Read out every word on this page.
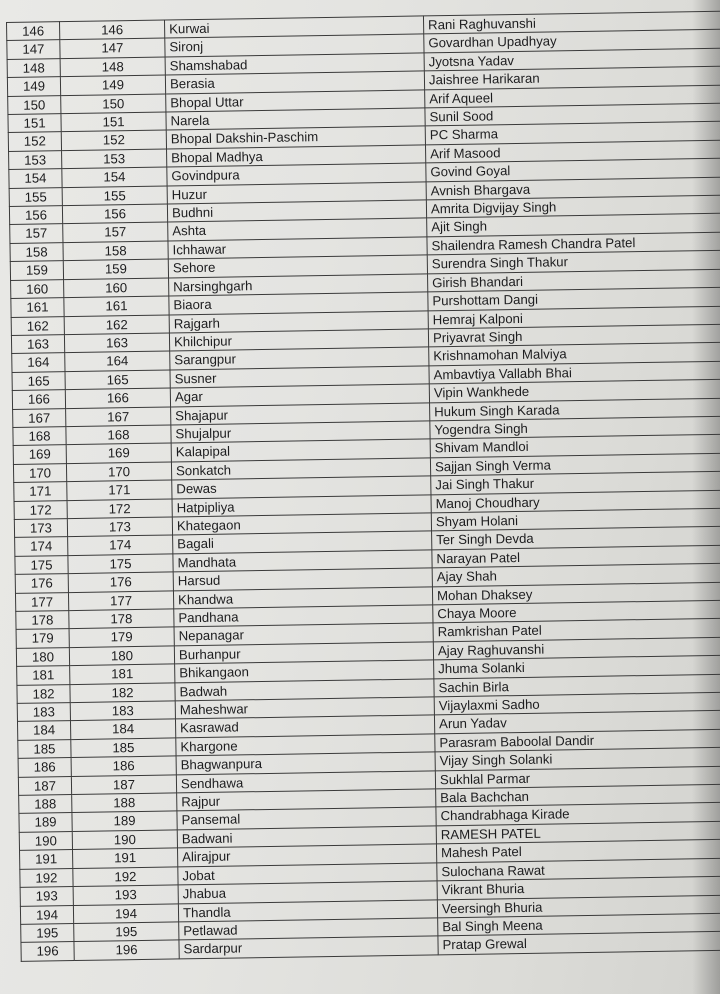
146	146	Kurwai	Rani Raghuvanshi
147	147	Sironj	Govardhan Upadhyay
148	148	Shamshabad	Jyotsna Yadav
149	149	Berasia	Jaishree Harikaran
150	150	Bhopal Uttar	Arif Aqueel
151	151	Narela	Sunil Sood
152	152	Bhopal Dakshin-Paschim	PC Sharma
153	153	Bhopal Madhya	Arif Masood
154	154	Govindpura	Govind Goyal
155	155	Huzur	Avnish Bhargava
156	156	Budhni	Amrita Digvijay Singh
157	157	Ashta	Ajit Singh
158	158	Ichhawar	Shailendra Ramesh Chandra Patel
159	159	Sehore	Surendra Singh Thakur
160	160	Narsinghgarh	Girish Bhandari
161	161	Biaora	Purshottam Dangi
162	162	Rajgarh	Hemraj Kalponi
163	163	Khilchipur	Priyavrat Singh
164	164	Sarangpur	Krishnamohan Malviya
165	165	Susner	Ambavtiya Vallabh Bhai
166	166	Agar	Vipin Wankhede
167	167	Shajapur	Hukum Singh Karada
168	168	Shujalpur	Yogendra Singh
169	169	Kalapipal	Shivam Mandloi
170	170	Sonkatch	Sajjan Singh Verma
171	171	Dewas	Jai Singh Thakur
172	172	Hatpipliya	Manoj Choudhary
173	173	Khategaon	Shyam Holani
174	174	Bagali	Ter Singh Devda
175	175	Mandhata	Narayan Patel
176	176	Harsud	Ajay Shah
177	177	Khandwa	Mohan Dhaksey
178	178	Pandhana	Chaya Moore
179	179	Nepanagar	Ramkrishan Patel
180	180	Burhanpur	Ajay Raghuvanshi
181	181	Bhikangaon	Jhuma Solanki
182	182	Badwah	Sachin Birla
183	183	Maheshwar	Vijaylaxmi Sadho
184	184	Kasrawad	Arun Yadav
185	185	Khargone	Parasram Baboolal Dandir
186	186	Bhagwanpura	Vijay Singh Solanki
187	187	Sendhawa	Sukhlal Parmar
188	188	Rajpur	Bala Bachchan
189	189	Pansemal	Chandrabhaga Kirade
190	190	Badwani	RAMESH PATEL
191	191	Alirajpur	Mahesh Patel
192	192	Jobat	Sulochana Rawat
193	193	Jhabua	Vikrant Bhuria
194	194	Thandla	Veersingh Bhuria
195	195	Petlawad	Bal Singh Meena
196	196	Sardarpur	Pratap Grewal
